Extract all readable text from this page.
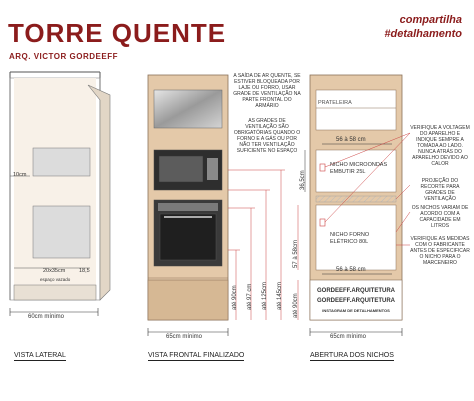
TORRE QUENTE
ARQ. VICTOR GORDEEFF
compartilha
#detalhamento
10cm
20x35cm 18,5
espaço vazado
60cm mínimo
VISTA LATERAL
A SAÍDA DE AR QUENTE, SE ESTIVER BLOQUEADA POR LAJE OU FORRO, USAR GRADE DE VENTILAÇÃO NA PARTE FRONTAL DO ARMÁRIO
AS GRADES DE VENTILAÇÃO SÃO OBRIGATÓRIAS QUANDO O FORNO E A GÁS OU POR NÃO TER VENTILAÇÃO SUFICIENTE NO ESPAÇO
até 90cm até 97 cm até 125cm até 145cm
65cm mínimo
VISTA FRONTAL FINALIZADO
PRATELEIRA
56 à 58 cm
NICHO MICROONDAS EMBUTIR 25L
NICHO FORNO ELÉTRICO 80L
56 à 58 cm
36,5cm
57 à 58cm
até 90cm
GORDEEFF.ARQUITETURA
GORDEEFF.ARQUITETURA
INSTAGRAM DE DETALHAMENTOS
65cm mínimo
ABERTURA DOS NICHOS
VERIFIQUE A VOLTAGEM DO APARELHO E INDIQUE SEMPRE A TOMADA AO LADO. NUNCA ATRÁS DO APARELHO DEVIDO AO CALOR
PROJEÇÃO DO RECORTE PARA GRADES DE VENTILAÇÃO
OS NICHOS VARIAM DE ACORDO COM A CAPACIDADE EM LITROS
VERIFIQUE AS MEDIDAS COM O FABRICANTE ANTES DE ESPECIFICAR O NICHO PARA O MARCENEIRO
